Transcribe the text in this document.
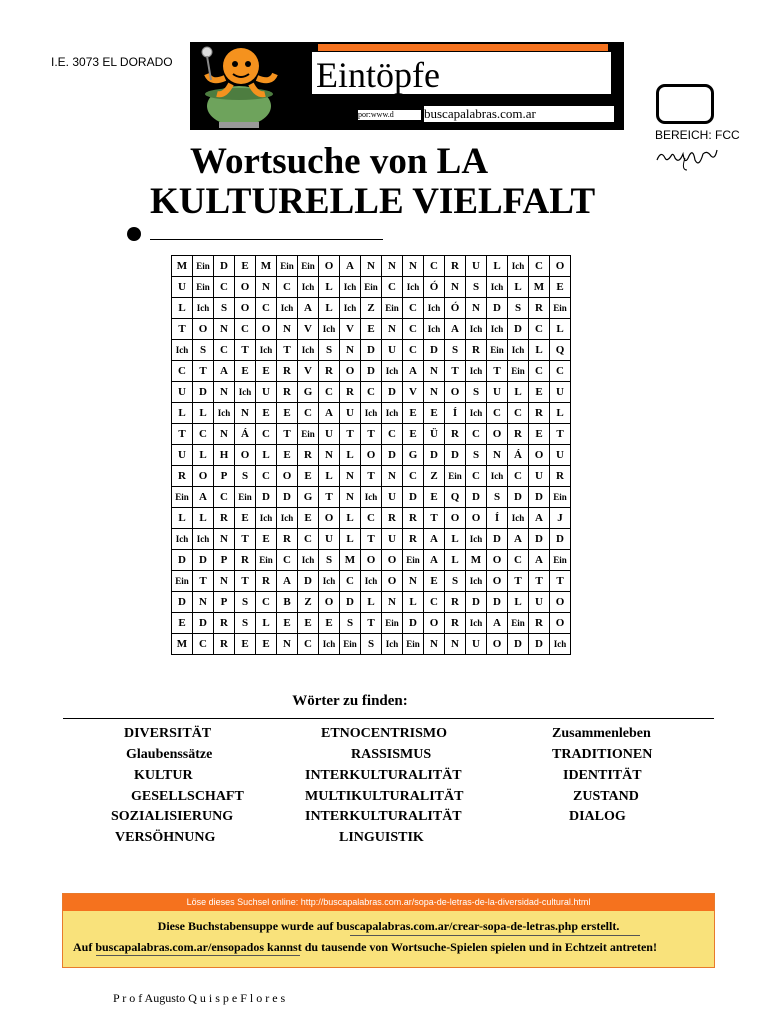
I.E. 3073 EL DORADO	Eintöpfe
por:www.d	buscapalabras.com.ar
BEREICH: FCC
Wortsuche von LA
KULTURELLE VIELFALT
M	Ein	D	E	M	Ein	Ein	O	A	N	N	N	C	R	U	L	Ich	C	O
U	Ein	C	O	N	C	Ich	L	Ich	Ein	C	Ich	Ó	N	S	Ich	L	M	E
L	Ich	S	O	C	Ich	A	L	Ich	Z	Ein	C	Ich	Ó	N	D	S	R	Ein
T	O	N	C	O	N	V	Ich	V	E	N	C	Ich	A	Ich	Ich	D	C	L
Ich	S	C	T	Ich	T	Ich	S	N	D	U	C	D	S	R	Ein	Ich	L	Q
C	T	A	E	E	R	V	R	O	D	Ich	A	N	T	Ich	T	Ein	C	C
U	D	N	Ich	U	R	G	C	R	C	D	V	N	O	S	U	L	E	U
L	L	Ich	N	E	E	C	A	U	Ich	Ich	E	E	Í	Ich	C	C	R	L
T	C	N	Á	C	T	Ein	U	T	T	C	E	Ü	R	C	O	R	E	T
U	L	H	O	L	E	R	N	L	O	D	G	D	D	S	N	Á	O	U
R	O	P	S	C	O	E	L	N	T	N	C	Z	Ein	C	Ich	C	U	R
Ein	A	C	Ein	D	D	G	T	N	Ich	U	D	E	Q	D	S	D	D	Ein
L	L	R	E	Ich	Ich	E	O	L	C	R	R	T	O	O	Í	Ich	A	J
Ich	Ich	N	T	E	R	C	U	L	T	U	R	A	L	Ich	D	A	D	D
D	D	P	R	Ein	C	Ich	S	M	O	O	Ein	A	L	M	O	C	A	Ein
Ein	T	N	T	R	A	D	Ich	C	Ich	O	N	E	S	Ich	O	T	T	T
D	N	P	S	C	B	Z	O	D	L	N	L	C	R	D	D	L	U	O
E	D	R	S	L	E	E	E	S	T	Ein	D	O	R	Ich	A	Ein	R	O
M	C	R	E	E	N	C	Ich	Ein	S	Ich	Ein	N	N	U	O	D	D	Ich
Wörter zu finden:
DIVERSITÄT
Glaubenssätze
KULTUR
GESELLSCHAFT
SOZIALISIERUNG
VERSÖHNUNG
ETNOCENTRISMO
RASSISMUS
INTERKULTURALITÄT
MULTIKULTURALITÄT
INTERKULTURALITÄT
LINGUISTIK
Zusammenleben
TRADITIONEN
IDENTITÄT
ZUSTAND
DIALOG
Löse dieses Suchsel online: http://buscapalabras.com.ar/sopa-de-letras-de-la-diversidad-cultural.html
Diese Buchstabensuppe wurde auf buscapalabras.com.ar/crear-sopa-de-letras.php erstellt.
Auf buscapalabras.com.ar/ensopados kannst du tausende von Wortsuche-Spielen spielen und in Echtzeit antreten!
P r o f Augusto Q u i s p e F l o r e s
